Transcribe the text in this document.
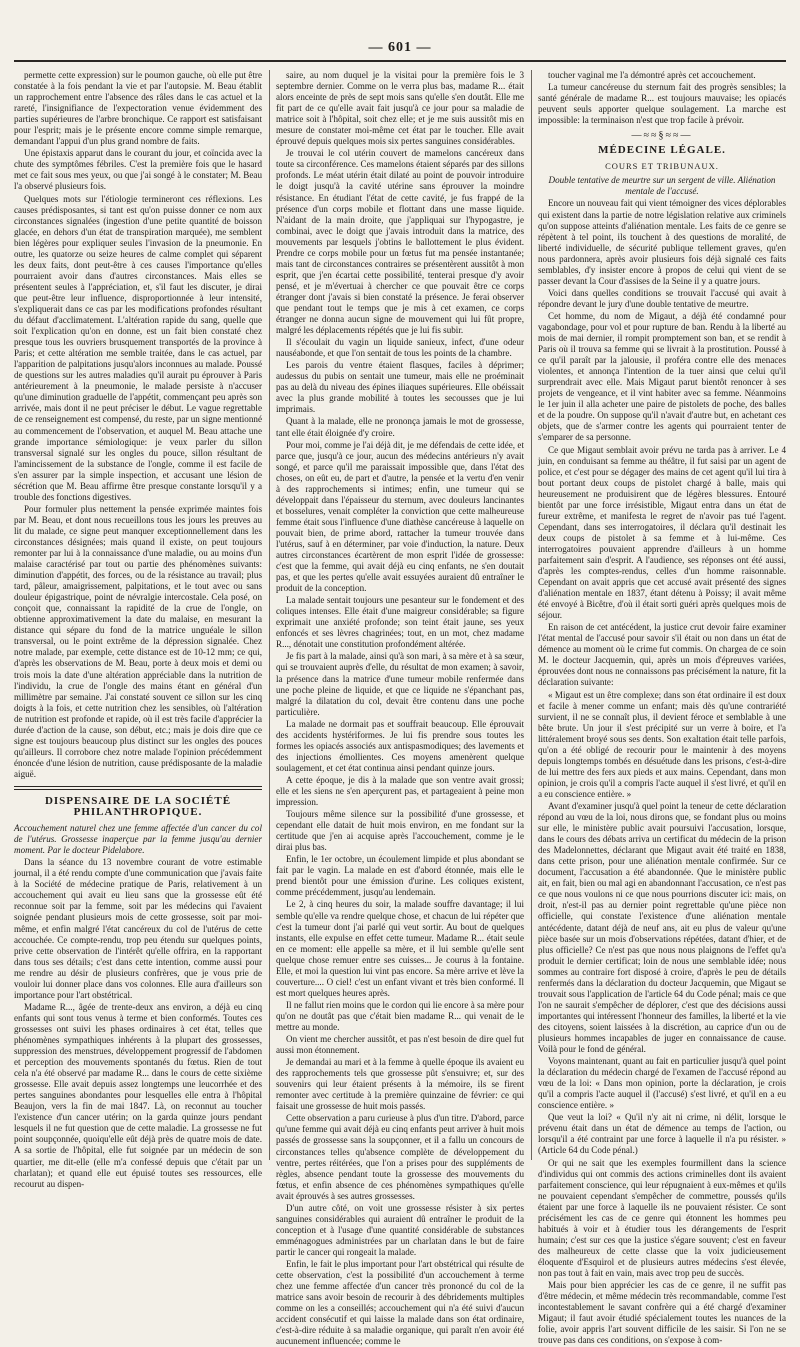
— 601 —

permette cette expression) sur le poumon gauche, où elle put être constatée à la fois pendant la vie et par l'autopsie. M. Beau établit un rapprochement entre l'absence des râles dans le cas actuel et la rareté, l'insignifiance de l'expectoration venue évidemment des parties supérieures de l'arbre bronchique. Ce rapport est satisfaisant pour l'esprit; mais je le présente encore comme simple remarque, demandant l'appui d'un plus grand nombre de faits.

Une épistaxis apparut dans le courant du jour, et coïncida avec la chute des symptômes fébriles. C'est la première fois que le hasard met ce fait sous mes yeux, ou que j'ai songé à le constater; M. Beau l'a observé plusieurs fois.

Quelques mots sur l'étiologie termineront ces réflexions. Les causes prédisposantes, si tant est qu'on puisse donner ce nom aux circonstances signalées (ingestion d'une petite quantité de boisson glacée, en dehors d'un état de transpiration marquée), me semblent bien légères pour expliquer seules l'invasion de la pneumonie. En outre, les quatorze ou seize heures de calme complet qui séparent les deux faits, dont peut-être à ces causes l'importance qu'elles pourraient avoir dans d'autres circonstances. Mais elles se présentent seules à l'appréciation, et, s'il faut les discuter, je dirai que peut-être leur influence, disproportionnée à leur intensité, s'expliquerait dans ce cas par les modifications profondes résultant du défaut d'acclimatement. L'altération rapide du sang, quelle que soit l'explication qu'on en donne, est un fait bien constaté chez presque tous les ouvriers brusquement transportés de la province à Paris; et cette altération me semble traitée, dans le cas actuel, par l'apparition de palpitations jusqu'alors inconnues au malade. Poussé de questions sur les autres maladies qu'il aurait pu éprouver à Paris antérieurement à la pneumonie, le malade persiste à n'accuser qu'une diminution graduelle de l'appétit, commençant peu après son arrivée, mais dont il ne peut préciser le début. Le vague regrettable de ce renseignement est compensé, du reste, par un signe mentionné au commencement de l'observation, et auquel M. Beau attache une grande importance sémiologique: je veux parler du sillon transversal signalé sur les ongles du pouce, sillon résultant de l'amincissement de la substance de l'ongle, comme il est facile de s'en assurer par la simple inspection, et accusant une lésion de sécrétion que M. Beau affirme être presque constante lorsqu'il y a trouble des fonctions digestives.

Pour formuler plus nettement la pensée exprimée maintes fois par M. Beau, et dont nous recueillons tous les jours les preuves au lit du malade, ce signe peut manquer exceptionnellement dans les circonstances désignées; mais quand il existe, on peut toujours remonter par lui à la connaissance d'une maladie, ou au moins d'un malaise caractérisé par tout ou partie des phénomènes suivants: diminution d'appétit, des forces, ou de la résistance au travail; plus tard, pâleur, amaigrissement, palpitations, et le tout avec ou sans douleur épigastrique, point de névralgie intercostale. Cela posé, on conçoit que, connaissant la rapidité de la crue de l'ongle, on obtienne approximativement la date du malaise, en mesurant la distance qui sépare du fond de la matrice unguéale le sillon transversal, ou le point extrême de la dépression signalée. Chez notre malade, par exemple, cette distance est de 10-12 mm; ce qui, d'après les observations de M. Beau, porte à deux mois et demi ou trois mois la date d'une altération appréciable dans la nutrition de l'individu, la crue de l'ongle des mains étant en général d'un millimètre par semaine. J'ai constaté souvent ce sillon sur les cinq doigts à la fois, et cette nutrition chez les sensibles, où l'altération de nutrition est profonde et rapide, où il est très facile d'apprécier la durée d'action de la cause, son début, etc.; mais je dois dire que ce signe est toujours beaucoup plus distinct sur les ongles des pouces qu'ailleurs. Il corrobore chez notre malade l'opinion précédemment énoncée d'une lésion de nutrition, cause prédisposante de la maladie aiguë.

DISPENSAIRE DE LA SOCIÉTÉ PHILANTHROPIQUE.

Accouchement naturel chez une femme affectée d'un cancer du col de l'utérus. Grossesse inaperçue par la femme jusqu'au dernier moment. Par le docteur Pidelabore.

Dans la séance du 13 novembre courant de votre estimable journal, il a été rendu compte d'une communication que j'avais faite à la Société de médecine pratique de Paris, relativement à un accouchement qui avait eu lieu sans que la grossesse eût été reconnue soit par la femme, soit par les médecins qui l'avaient soignée pendant plusieurs mois de cette grossesse, soit par moi-même, et enfin malgré l'état cancéreux du col de l'utérus de cette accouchée. Ce compte-rendu, trop peu étendu sur quelques points, prive cette observation de l'intérêt qu'elle offrira, en la rapportant dans tous ses détails; c'est dans cette intention, comme aussi pour me rendre au désir de plusieurs confrères, que je vous prie de vouloir lui donner place dans vos colonnes. Elle aura d'ailleurs son importance pour l'art obstétrical.

Madame R..., âgée de trente-deux ans environ, a déjà eu cinq enfants qui sont tous venus à terme et bien conformés. Toutes ces grossesses ont suivi les phases ordinaires à cet état, telles que phénomènes sympathiques inhérents à la plupart des grossesses, suppression des menstrues, développement progressif de l'abdomen et perception des mouvements spontanés du fœtus. Rien de tout cela n'a été observé par madame R... dans le cours de cette sixième grossesse. Elle avait depuis assez longtemps une leucorrhée et des pertes sanguines abondantes pour lesquelles elle entra à l'hôpital Beaujon, vers la fin de mai 1847. Là, on reconnut au toucher l'existence d'un cancer utérin; on la garda quinze jours pendant lesquels il ne fut question que de cette maladie. La grossesse ne fut point soupçonnée, quoiqu'elle eût déjà près de quatre mois de date. A sa sortie de l'hôpital, elle fut soignée par un médecin de son quartier, me dit-elle (elle m'a confessé depuis que c'était par un charlatan); et quand elle eut épuisé toutes ses ressources, elle recourut au dispen-

saire, au nom duquel je la visitai pour la première fois le 3 septembre dernier. Comme on le verra plus bas, madame R... était alors enceinte de près de sept mois sans qu'elle s'en doutât. Elle me fit part de ce qu'elle avait fait jusqu'à ce jour pour sa maladie de matrice soit à l'hôpital, soit chez elle; et je me suis aussitôt mis en mesure de constater moi-même cet état par le toucher. Elle avait éprouvé depuis quelques mois six pertes sanguines considérables.

Je trouvai le col utérin couvert de mamelons cancéreux dans toute sa circonférence. Ces mamelons étaient séparés par des sillons profonds. Le méat utérin était dilaté au point de pouvoir introduire le doigt jusqu'à la cavité utérine sans éprouver la moindre résistance. En étudiant l'état de cette cavité, je fus frappé de la présence d'un corps mobile et flottant dans une masse liquide. N'aidant de la main droite, que j'appliquai sur l'hypogastre, je combinai, avec le doigt que j'avais introduit dans la matrice, des mouvements par lesquels j'obtins le ballottement le plus évident. Prendre ce corps mobile pour un fœtus fut ma pensée instantanée; mais tant de circonstances contraires se présentèrent aussitôt à mon esprit, que j'en écartai cette possibilité, tenterai presque d'y avoir pensé, et je m'évertuai à chercher ce que pouvait être ce corps étranger dont j'avais si bien constaté la présence. Je ferai observer que pendant tout le temps que je mis à cet examen, ce corps étranger ne donna aucun signe de mouvement qui lui fût propre, malgré les déplacements répétés que je lui fis subir.

Il s'écoulait du vagin un liquide sanieux, infect, d'une odeur nauséabonde, et que l'on sentait de tous les points de la chambre.

Les parois du ventre étaient flasques, faciles à déprimer; audessus du pubis on sentait une tumeur, mais elle ne proéminait pas au delà du niveau des épines iliaques supérieures. Elle obéissait avec la plus grande mobilité à toutes les secousses que je lui imprimais.

Quant à la malade, elle ne prononça jamais le mot de grossesse, tant elle était éloignée d'y croire.

Pour moi, comme je l'ai déjà dit, je me défendais de cette idée, et parce que, jusqu'à ce jour, aucun des médecins antérieurs n'y avait songé, et parce qu'il me paraissait impossible que, dans l'état des choses, on eût eu, de part et d'autre, la pensée et la vertu d'en venir à des rapprochements si intimes; enfin, une tumeur qui se développait dans l'épaisseur du sternum, avec douleurs lancinantes et bosselures, venait compléter la conviction que cette malheureuse femme était sous l'influence d'une diathèse cancéreuse à laquelle on pouvait bien, de prime abord, rattacher la tumeur trouvée dans l'utérus, sauf à en déterminer, par voie d'induction, la nature. Deux autres circonstances écartèrent de mon esprit l'idée de grossesse: c'est que la femme, qui avait déjà eu cinq enfants, ne s'en doutait pas, et que les pertes qu'elle avait essuyées auraient dû entraîner le produit de la conception.

La malade sentait toujours une pesanteur sur le fondement et des coliques intenses. Elle était d'une maigreur considérable; sa figure exprimait une anxiété profonde; son teint était jaune, ses yeux enfoncés et ses lèvres chagrinées; tout, en un mot, chez madame R..., dénotait une constitution profondément altérée.

Je fis part à la malade, ainsi qu'à son mari, à sa mère et à sa sœur, qui se trouvaient auprès d'elle, du résultat de mon examen; à savoir, la présence dans la matrice d'une tumeur mobile renfermée dans une poche pleine de liquide, et que ce liquide ne s'épanchant pas, malgré la dilatation du col, devait être contenu dans une poche particulière.

La malade ne dormait pas et souffrait beaucoup. Elle éprouvait des accidents hystériformes. Je lui fis prendre sous toutes les formes les opiacés associés aux antispasmodiques; des lavements et des injections émollientes. Ces moyens amenèrent quelque soulagement, et cet état continua ainsi pendant quinze jours.

A cette époque, je dis à la malade que son ventre avait grossi; elle et les siens ne s'en aperçurent pas, et partageaient à peine mon impression.

Toujours même silence sur la possibilité d'une grossesse, et cependant elle datait de huit mois environ, en me fondant sur la certitude que j'en ai acquise après l'accouchement, comme je le dirai plus bas.

Enfin, le 1er octobre, un écoulement limpide et plus abondant se fait par le vagin. La malade en est d'abord étonnée, mais elle le prend bientôt pour une émission d'urine. Les coliques existent, comme précédemment, jusqu'au lendemain.

Le 2, à cinq heures du soir, la malade souffre davantage; il lui semble qu'elle va rendre quelque chose, et chacun de lui répéter que c'est la tumeur dont j'ai parlé qui veut sortir. Au bout de quelques instants, elle expulse en effet cette tumeur. Madame R... était seule en ce moment: elle appelle sa mère, et il lui semble qu'elle sent quelque chose remuer entre ses cuisses... Je courus à la fontaine. Elle, et moi la question lui vint pas encore. Sa mère arrive et lève la couverture.... O ciel! c'est un enfant vivant et très bien conformé. Il est mort quelques heures après.

Il ne fallut rien moins que le cordon qui lie encore à sa mère pour qu'on ne doutât pas que c'était bien madame R... qui venait de le mettre au monde.

On vient me chercher aussitôt, et pas n'est besoin de dire quel fut aussi mon étonnement.

Je demandai au mari et à la femme à quelle époque ils avaient eu des rapprochements tels que grossesse pût s'ensuivre; et, sur des souvenirs qui leur étaient présents à la mémoire, ils se firent remonter avec certitude à la première quinzaine de février: ce qui faisait une grossesse de huit mois passés.

Cette observation a paru curieuse à plus d'un titre. D'abord, parce qu'une femme qui avait déjà eu cinq enfants peut arriver à huit mois passés de grossesse sans la soupçonner, et il a fallu un concours de circonstances telles qu'absence complète de développement du ventre, pertes réitérées, que l'on a prises pour des suppléments de règles, absence pendant toute la grossesse des mouvements du fœtus, et enfin absence de ces phénomènes sympathiques qu'elle avait éprouvés à ses autres grossesses.

D'un autre côté, on voit une grossesse résister à six pertes sanguines considérables qui auraient dû entraîner le produit de la conception et à l'usage d'une quantité considérable de substances emménagogues administrées par un charlatan dans le but de faire partir le cancer qui rongeait la malade.

Enfin, le fait le plus important pour l'art obstétrical qui résulte de cette observation, c'est la possibilité d'un accouchement à terme chez une femme affectée d'un cancer très prononcé du col de la matrice sans avoir besoin de recourir à des débridements multiples comme on les a conseillés; accouchement qui n'a été suivi d'aucun accident consécutif et qui laisse la malade dans son état ordinaire, c'est-à-dire réduite à sa maladie organique, qui paraît n'en avoir été aucunement influencée; comme le

toucher vaginal me l'a démontré après cet accouchement.

La tumeur cancéreuse du sternum fait des progrès sensibles; la santé générale de madame R... est toujours mauvaise; les opiacés peuvent seuls apporter quelque soulagement. La marche est impossible: la terminaison n'est que trop facile à prévoir.

—≈≈§≈≈—
MÉDECINE LÉGALE.
COURS ET TRIBUNAUX.

Double tentative de meurtre sur un sergent de ville. Aliénation mentale de l'accusé.

Encore un nouveau fait qui vient témoigner des vices déplorables qui existent dans la partie de notre législation relative aux criminels qu'on suppose atteints d'aliénation mentale. Les faits de ce genre se répètent à tel point, ils touchent à des questions de moralité, de liberté individuelle, de sécurité publique tellement graves, qu'en nous pardonnera, après avoir plusieurs fois déjà signalé ces faits semblables, d'y insister encore à propos de celui qui vient de se passer devant la Cour d'assises de la Seine il y a quatre jours.

Voici dans quelles conditions se trouvait l'accusé qui avait à répondre devant le jury d'une double tentative de meurtre.

Cet homme, du nom de Migaut, a déjà été condamné pour vagabondage, pour vol et pour rupture de ban. Rendu à la liberté au mois de mai dernier, il rompit promptement son ban, et se rendit à Paris où il trouva sa femme qui se livrait à la prostitution. Poussé à ce qu'il paraît par la jalousie, il proféra contre elle des menaces violentes, et annonça l'intention de la tuer ainsi que celui qu'il surprendrait avec elle. Mais Migaut parut bientôt renoncer à ses projets de vengeance, et il vint habiter avec sa femme. Néanmoins le 1er juin il alla acheter une paire de pistolets de poche, des balles et de la poudre. On suppose qu'il n'avait d'autre but, en achetant ces objets, que de s'armer contre les agents qui pourraient tenter de s'emparer de sa personne.

Ce que Migaut semblait avoir prévu ne tarda pas à arriver. Le 4 juin, en conduisant sa femme au théâtre, il fut saisi par un agent de police, et c'est pour se dégager des mains de cet agent qu'il lui tira à bout portant deux coups de pistolet chargé à balle, mais qui heureusement ne produisirent que de légères blessures. Entouré bientôt par une force irrésistible, Migaut entra dans un état de fureur extrême, et manifesta le regret de n'avoir pas tué l'agent. Cependant, dans ses interrogatoires, il déclara qu'il destinait les deux coups de pistolet à sa femme et à lui-même. Ces interrogatoires pouvaient apprendre d'ailleurs à un homme parfaitement sain d'esprit. A l'audience, ses réponses ont été aussi, d'après les comptes-rendus, celles d'un homme raisonnable. Cependant on avait appris que cet accusé avait présenté des signes d'aliénation mentale en 1837, étant détenu à Poissy; il avait même été envoyé à Bicêtre, d'où il était sorti guéri après quelques mois de séjour.

En raison de cet antécédent, la justice crut devoir faire examiner l'état mental de l'accusé pour savoir s'il était ou non dans un état de démence au moment où le crime fut commis. On chargea de ce soin M. le docteur Jacquemin, qui, après un mois d'épreuves variées, éprouvées dont nous ne connaissons pas précisément la nature, fit la déclaration suivante:

« Migaut est un être complexe; dans son état ordinaire il est doux et facile à mener comme un enfant; mais dès qu'une contrariété survient, il ne se connaît plus, il devient féroce et semblable à une bête brute. Un jour il s'est précipité sur un verre à boire, et l'a littéralement broyé sous ses dents. Son exaltation était telle parfois, qu'on a été obligé de recourir pour le maintenir à des moyens depuis longtemps tombés en désuétude dans les prisons, c'est-à-dire de lui mettre des fers aux pieds et aux mains. Cependant, dans mon opinion, je crois qu'il a compris l'acte auquel il s'est livré, et qu'il en a eu conscience entière. »

Avant d'examiner jusqu'à quel point la teneur de cette déclaration répond au vœu de la loi, nous dirons que, se fondant plus ou moins sur elle, le ministère public avait poursuivi l'accusation, lorsque, dans le cours des débats arriva un certificat du médecin de la prison des Madelonnettes, déclarant que Migaut avait été traité en 1838, dans cette prison, pour une aliénation mentale confirmée. Sur ce document, l'accusation a été abandonnée. Que le ministère public ait, en fait, bien ou mal agi en abandonnant l'accusation, ce n'est pas ce que nous voulons ni ce que nous pourrions discuter ici: mais, on droit, n'est-il pas au dernier point regrettable qu'une pièce non officielle, qui constate l'existence d'une aliénation mentale antécédente, datant déjà de neuf ans, ait eu plus de valeur qu'une pièce basée sur un mois d'observations répétées, datant d'hier, et de plus officielle? Ce n'est pas que nous nous plaignons de l'effet qu'a produit le dernier certificat; loin de nous une semblable idée; nous sommes au contraire fort disposé à croire, d'après le peu de détails renfermés dans la déclaration du docteur Jacquemin, que Migaut se trouvait sous l'application de l'article 64 du Code pénal; mais ce que l'on ne saurait s'empêcher de déplorer, c'est que des décisions aussi importantes qui intéressent l'honneur des familles, la liberté et la vie des citoyens, soient laissées à la discrétion, au caprice d'un ou de plusieurs hommes incapables de juger en connaissance de cause. Voilà pour le fond de général.

Voyons maintenant, quant au fait en particulier jusqu'à quel point la déclaration du médecin chargé de l'examen de l'accusé répond au vœu de la loi: « Dans mon opinion, porte la déclaration, je crois qu'il a compris l'acte auquel il (l'accusé) s'est livré, et qu'il en a eu conscience entière. »

Que veut la loi? « Qu'il n'y ait ni crime, ni délit, lorsque le prévenu était dans un état de démence au temps de l'action, ou lorsqu'il a été contraint par une force à laquelle il n'a pu résister. » (Article 64 du Code pénal.)

Or qui ne sait que les exemples fourmillent dans la science d'individus qui ont commis des actions criminelles dont ils avaient parfaitement conscience, qui leur répugnaient à eux-mêmes et qu'ils ne pouvaient cependant s'empêcher de commettre, poussés qu'ils étaient par une force à laquelle ils ne pouvaient résister. Ce sont précisément les cas de ce genre qui étonnent les hommes peu habitués à voir et à étudier tous les dérangements de l'esprit humain; c'est sur ces que la justice s'égare souvent; c'est en faveur des malheureux de cette classe que la voix judicieusement éloquente d'Esquirol et de plusieurs autres médecins s'est élevée, non pas tout à fait en vain, mais avec trop peu de succès.

Mais pour bien apprécier les cas de ce genre, il ne suffit pas d'être médecin, et même médecin très recommandable, comme l'est incontestablement le savant confrère qui a été chargé d'examiner Migaut; il faut avoir étudié spécialement toutes les nuances de la folie, avoir appris l'art souvent difficile de les saisir. Si l'on ne se trouve pas dans ces conditions, on s'expose à com-
